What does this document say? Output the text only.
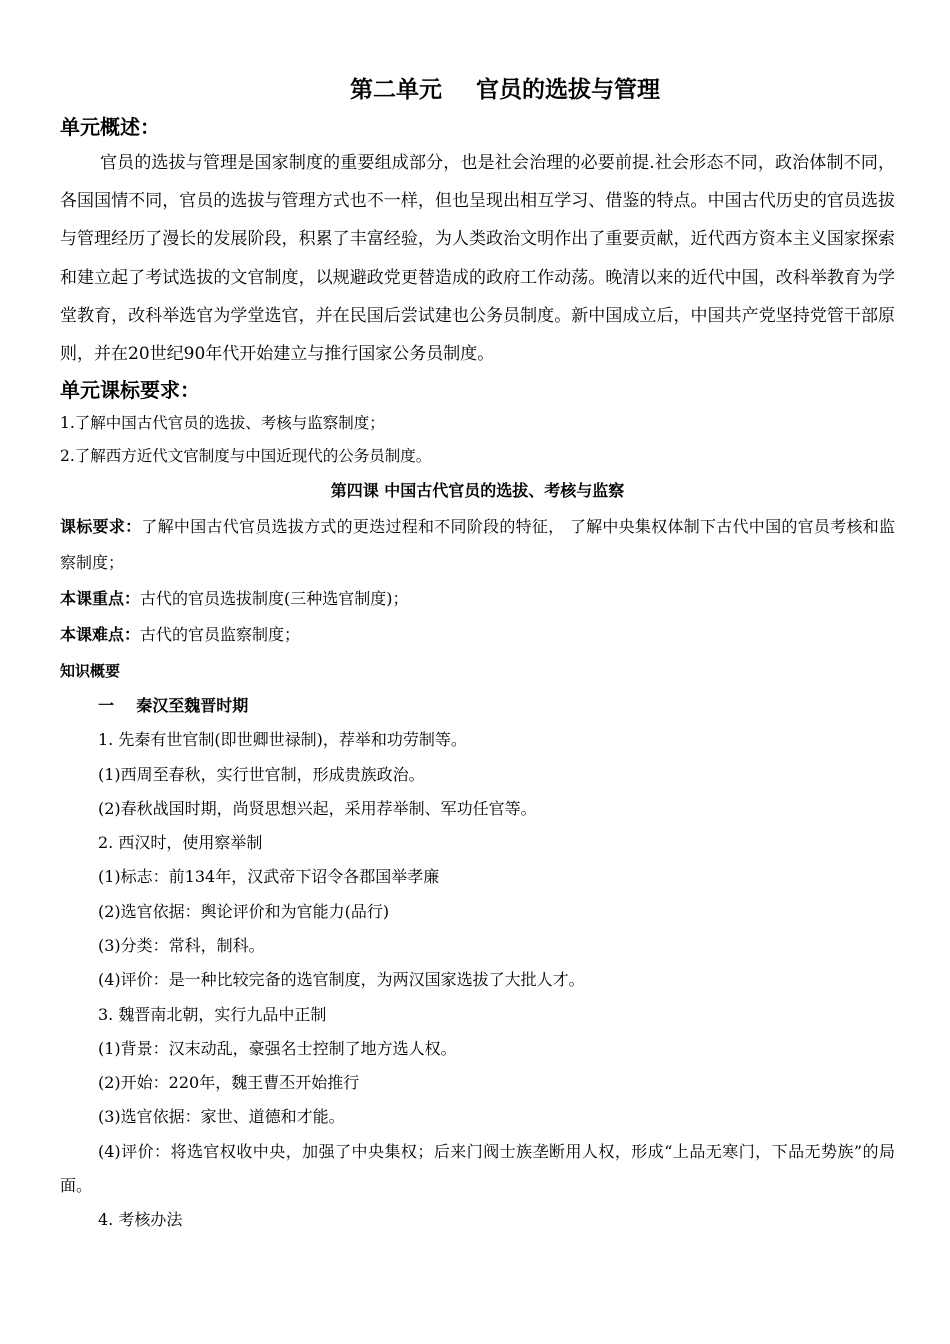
第二单元 官员的选拔与管理
单元概述：

官员的选拔与管理是国家制度的重要组成部分，也是社会治理的必要前提.社会形态不同，政治体制不同，各国国情不同，官员的选拔与管理方式也不一样，但也呈现出相互学习、借鉴的特点。中国古代历史的官员选拔与管理经历了漫长的发展阶段，积累了丰富经验，为人类政治文明作出了重要贡献，近代西方资本主义国家探索和建立起了考试选拔的文官制度，以规避政党更替造成的政府工作动荡。晚清以来的近代中国，改科举教育为学堂教育，改科举选官为学堂选官，并在民国后尝试建也公务员制度。新中国成立后，中国共产党坚持党管干部原则，并在20世纪90年代开始建立与推行国家公务员制度。

单元课标要求：
1.了解中国古代官员的选拔、考核与监察制度；
2.了解西方近代文官制度与中国近现代的公务员制度。
第四课 中国古代官员的选拔、考核与监察

课标要求：了解中国古代官员选拔方式的更迭过程和不同阶段的特征， 了解中央集权体制下古代中国的官员考核和监察制度；

本课重点：古代的官员选拔制度(三种选官制度)；

本课难点：古代的官员监察制度；

知识概要
一    秦汉至魏晋时期
1. 先秦有世官制(即世卿世禄制)，荐举和功劳制等。
(1)西周至春秋，实行世官制，形成贵族政治。
(2)春秋战国时期，尚贤思想兴起，采用荐举制、军功任官等。
2. 西汉时，使用察举制
(1)标志：前134年，汉武帝下诏令各郡国举孝廉
(2)选官依据：舆论评价和为官能力(品行)
(3)分类：常科，制科。
(4)评价：是一种比较完备的选官制度，为两汉国家选拔了大批人才。
3. 魏晋南北朝，实行九品中正制
(1)背景：汉末动乱，豪强名士控制了地方选人权。
(2)开始：220年，魏王曹丕开始推行
(3)选官依据：家世、道德和才能。

(4)评价：将选官权收中央，加强了中央集权；后来门阀士族垄断用人权，形成“上品无寒门，下品无势族”的局面。

4. 考核办法
